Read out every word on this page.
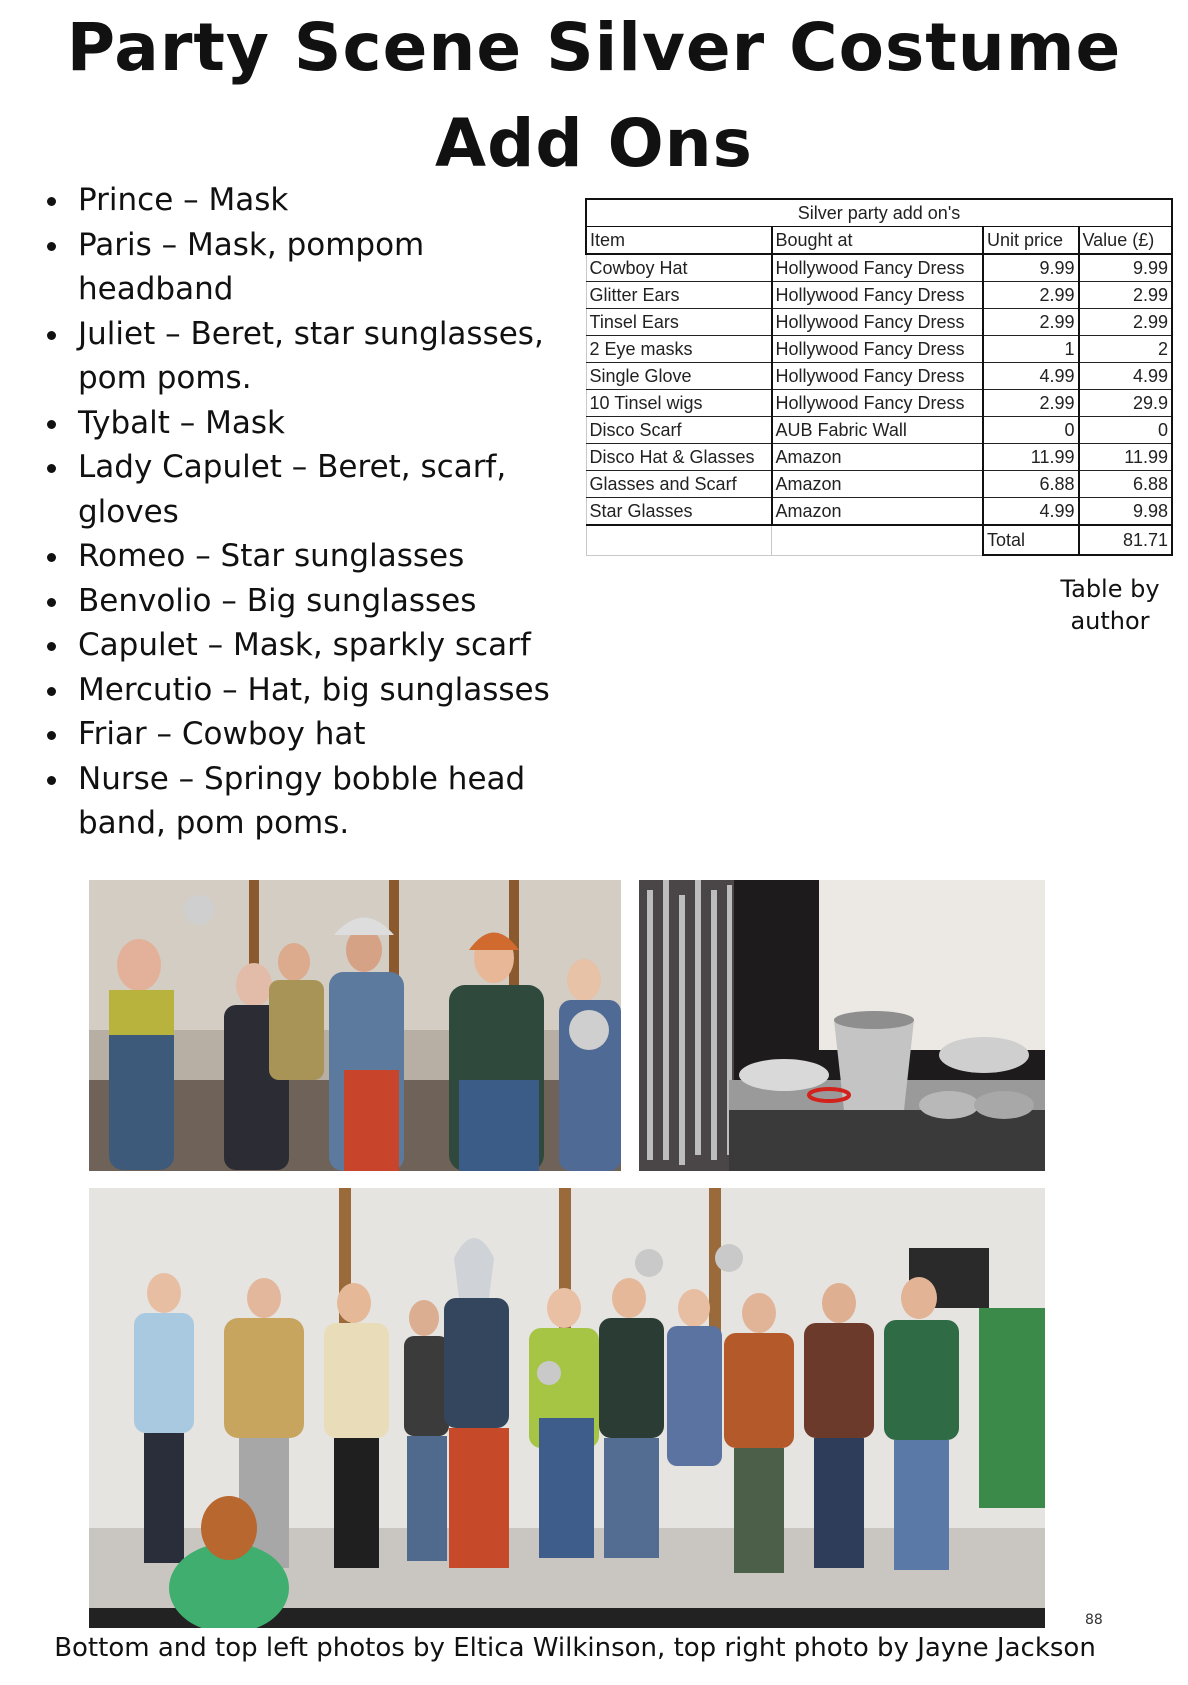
Party Scene Silver Costume
Add Ons
Prince – Mask
Paris – Mask, pompom headband
Juliet – Beret, star sunglasses, pom poms.
Tybalt – Mask
Lady Capulet – Beret, scarf, gloves
Romeo – Star sunglasses
Benvolio – Big sunglasses
Capulet – Mask, sparkly scarf
Mercutio – Hat, big sunglasses
Friar – Cowboy hat
Nurse – Springy bobble head band, pom poms.
Silver party add on's			
Item	Bought at	Unit price	Value (£)
Cowboy Hat	Hollywood Fancy Dress	9.99	9.99
Glitter Ears	Hollywood Fancy Dress	2.99	2.99
Tinsel Ears	Hollywood Fancy Dress	2.99	2.99
2 Eye masks	Hollywood Fancy Dress	1	2
Single Glove	Hollywood Fancy Dress	4.99	4.99
10 Tinsel wigs	Hollywood Fancy Dress	2.99	29.9
Disco Scarf	AUB Fabric Wall	0	0
Disco Hat & Glasses	Amazon	11.99	11.99
Glasses and Scarf	Amazon	6.88	6.88
Star Glasses	Amazon	4.99	9.98
		Total	81.71
Table by
author
88
Bottom and top left photos by Eltica Wilkinson, top right photo by Jayne Jackson
